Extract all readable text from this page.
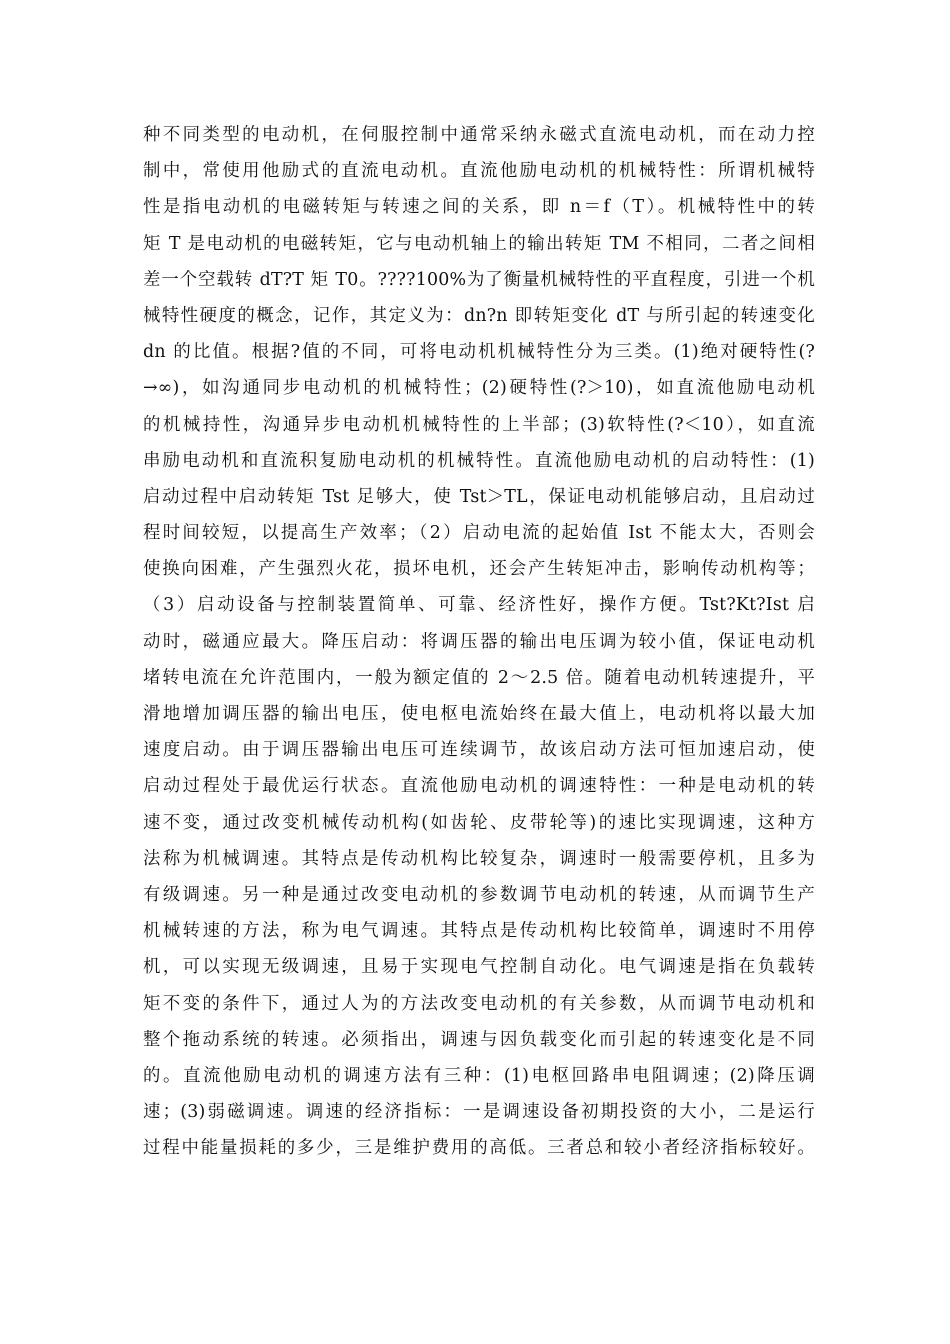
种不同类型的电动机，在伺服控制中通常采纳永磁式直流电动机，而在动力控
制中，常使用他励式的直流电动机。直流他励电动机的机械特性：所谓机械特
性是指电动机的电磁转矩与转速之间的关系，即 n＝f（T）。机械特性中的转
矩 T 是电动机的电磁转矩，它与电动机轴上的输出转矩 TM 不相同，二者之间相
差一个空载转 dT?T 矩 T0。????100%为了衡量机械特性的平直程度，引进一个机
械特性硬度的概念，记作，其定义为：dn?n 即转矩变化 dT 与所引起的转速变化
dn 的比值。根据?值的不同，可将电动机机械特性分为三类。(1)绝对硬特性(?
→∞)，如沟通同步电动机的机械特性；(2)硬特性(?＞10)，如直流他励电动机
的机械持性，沟通异步电动机机械特性的上半部；(3)软特性(?＜10），如直流
串励电动机和直流积复励电动机的机械特性。直流他励电动机的启动特性：(1)
启动过程中启动转矩 Tst 足够大，使 Tst＞TL，保证电动机能够启动，且启动过
程时间较短，以提高生产效率；（2）启动电流的起始值 Ist 不能太大，否则会
使换向困难，产生强烈火花，损坏电机，还会产生转矩冲击，影响传动机构等；
（3）启动设备与控制装置简单、可靠、经济性好，操作方便。Tst?Kt?Ist 启
动时，磁通应最大。降压启动：将调压器的输出电压调为较小值，保证电动机
堵转电流在允许范围内，一般为额定值的 2～2.5 倍。随着电动机转速提升，平
滑地增加调压器的输出电压，使电枢电流始终在最大值上，电动机将以最大加
速度启动。由于调压器输出电压可连续调节，故该启动方法可恒加速启动，使
启动过程处于最优运行状态。直流他励电动机的调速特性：一种是电动机的转
速不变，通过改变机械传动机构(如齿轮、皮带轮等)的速比实现调速，这种方
法称为机械调速。其特点是传动机构比较复杂，调速时一般需要停机，且多为
有级调速。另一种是通过改变电动机的参数调节电动机的转速，从而调节生产
机械转速的方法，称为电气调速。其特点是传动机构比较简单，调速时不用停
机，可以实现无级调速，且易于实现电气控制自动化。电气调速是指在负载转
矩不变的条件下，通过人为的方法改变电动机的有关参数，从而调节电动机和
整个拖动系统的转速。必须指出，调速与因负载变化而引起的转速变化是不同
的。直流他励电动机的调速方法有三种：(1)电枢回路串电阻调速；(2)降压调
速；(3)弱磁调速。调速的经济指标：一是调速设备初期投资的大小，二是运行
过程中能量损耗的多少，三是维护费用的高低。三者总和较小者经济指标较好。
